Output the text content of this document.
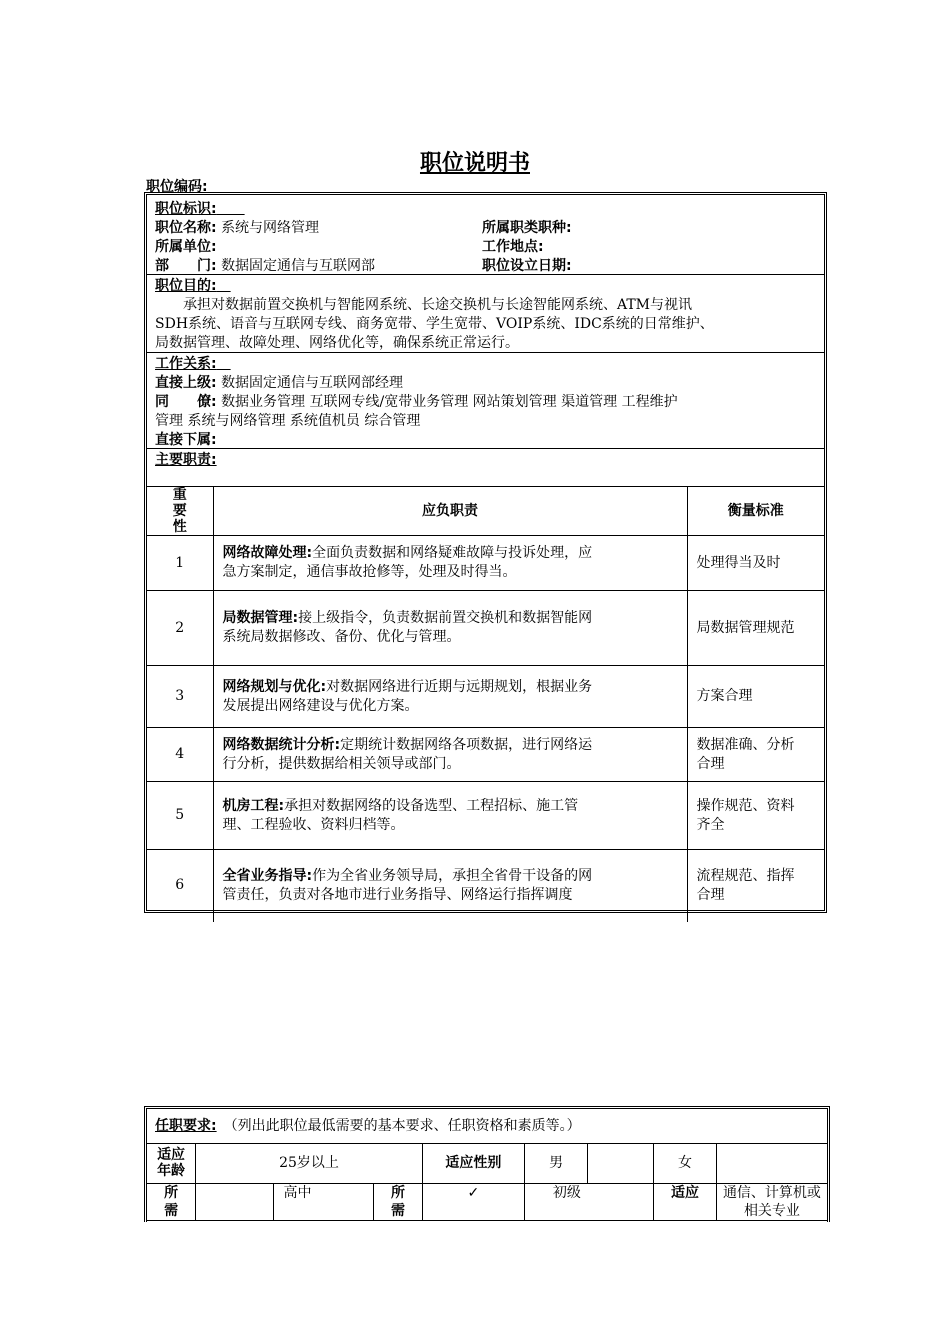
职位说明书
职位编码:
职位标识:　　
职位名称: 系统与网络管理	所属职类职种:
所属单位:	工作地点:
部　　门: 数据固定通信与互联网部	职位设立日期:
职位目的:　
　　承担对数据前置交换机与智能网系统、长途交换机与长途智能网系统、ATM与视讯
SDH系统、语音与互联网专线、商务宽带、学生宽带、VOIP系统、IDC系统的日常维护、
局数据管理、故障处理、网络优化等，确保系统正常运行。
工作关系:　
直接上级: 数据固定通信与互联网部经理
同　　僚: 数据业务管理 互联网专线/宽带业务管理 网站策划管理 渠道管理 工程维护
管理 系统与网络管理 系统值机员 综合管理
直接下属:
主要职责:
重要性	应负职责	衡量标准
1	网络故障处理:全面负责数据和网络疑难故障与投诉处理，应
急方案制定，通信事故抢修等，处理及时得当。	处理得当及时

2	局数据管理:接上级指令，负责数据前置交换机和数据智能网
系统局数据修改、备份、优化与管理。	局数据管理规范
3	网络规划与优化:对数据网络进行近期与远期规划，根据业务
发展提出网络建设与优化方案。	方案合理
4	网络数据统计分析:定期统计数据网络各项数据，进行网络运
行分析，提供数据给相关领导或部门。	数据准确、分析
合理
5	机房工程:承担对数据网络的设备选型、工程招标、施工管
理、工程验收、资料归档等。	操作规范、资料
齐全
6	全省业务指导:作为全省业务领导局，承担全省骨干设备的网
管责任，负责对各地市进行业务指导、网络运行指挥调度	流程规范、指挥
合理
任职要求:　 （列出此职位最低需要的基本要求、任职资格和素质等。）								
适应年龄	25岁以上			适应性别	男		女	
所需		高中	所需	✓	初级		适应	通信、计算机或
相关专业
